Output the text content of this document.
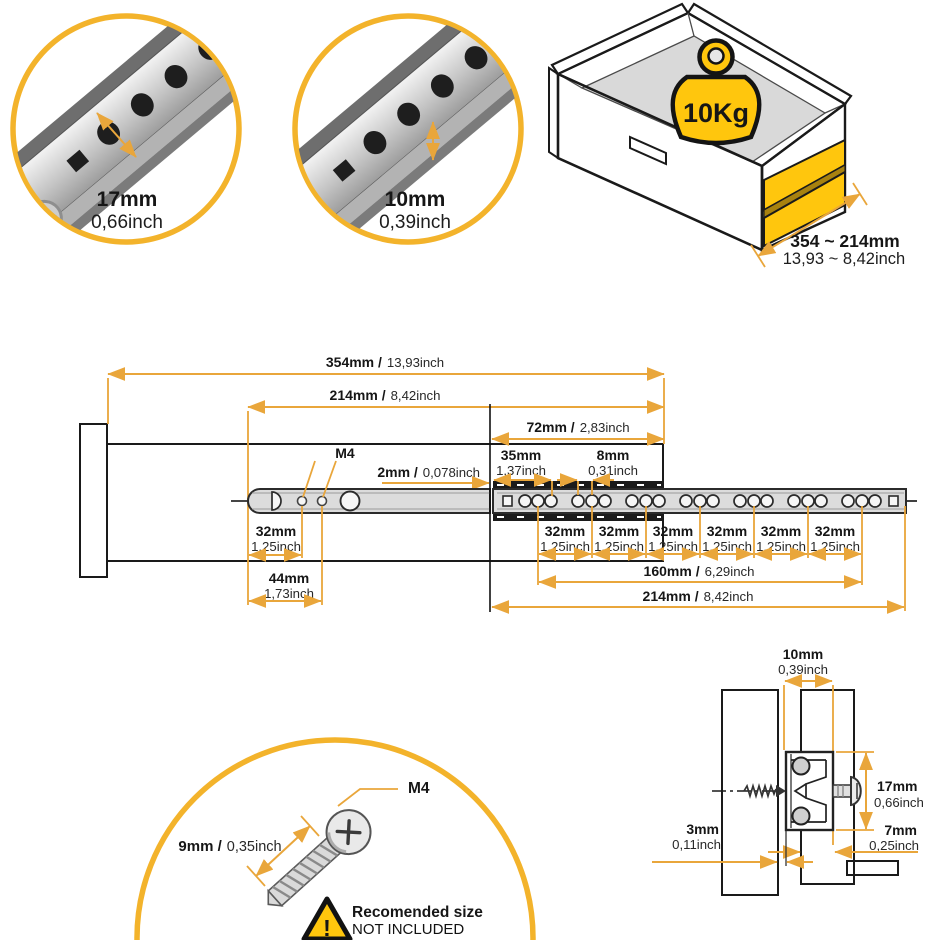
17mm
0,66inch
10mm
0,39inch
10Kg
354 ~ 214mm
13,93 ~ 8,42inch
354mm / 13,93inch
214mm / 8,42inch
72mm / 2,83inch
2mm / 0,078inch
M4	35mm
1,37inch
8mm
0,31inch
32mm
1,25inch
44mm
1,73inch
32mm
1,25inch
32mm
1,25inch
32mm
1,25inch
32mm
1,25inch
32mm
1,25inch
32mm
1,25inch
160mm / 6,29inch
214mm / 8,42inch
M4
9mm / 0,35inch
!
Recomended size
NOT INCLUDED
10mm
0,39inch
17mm
0,66inch
7mm
0,25inch
3mm
0,11inch
